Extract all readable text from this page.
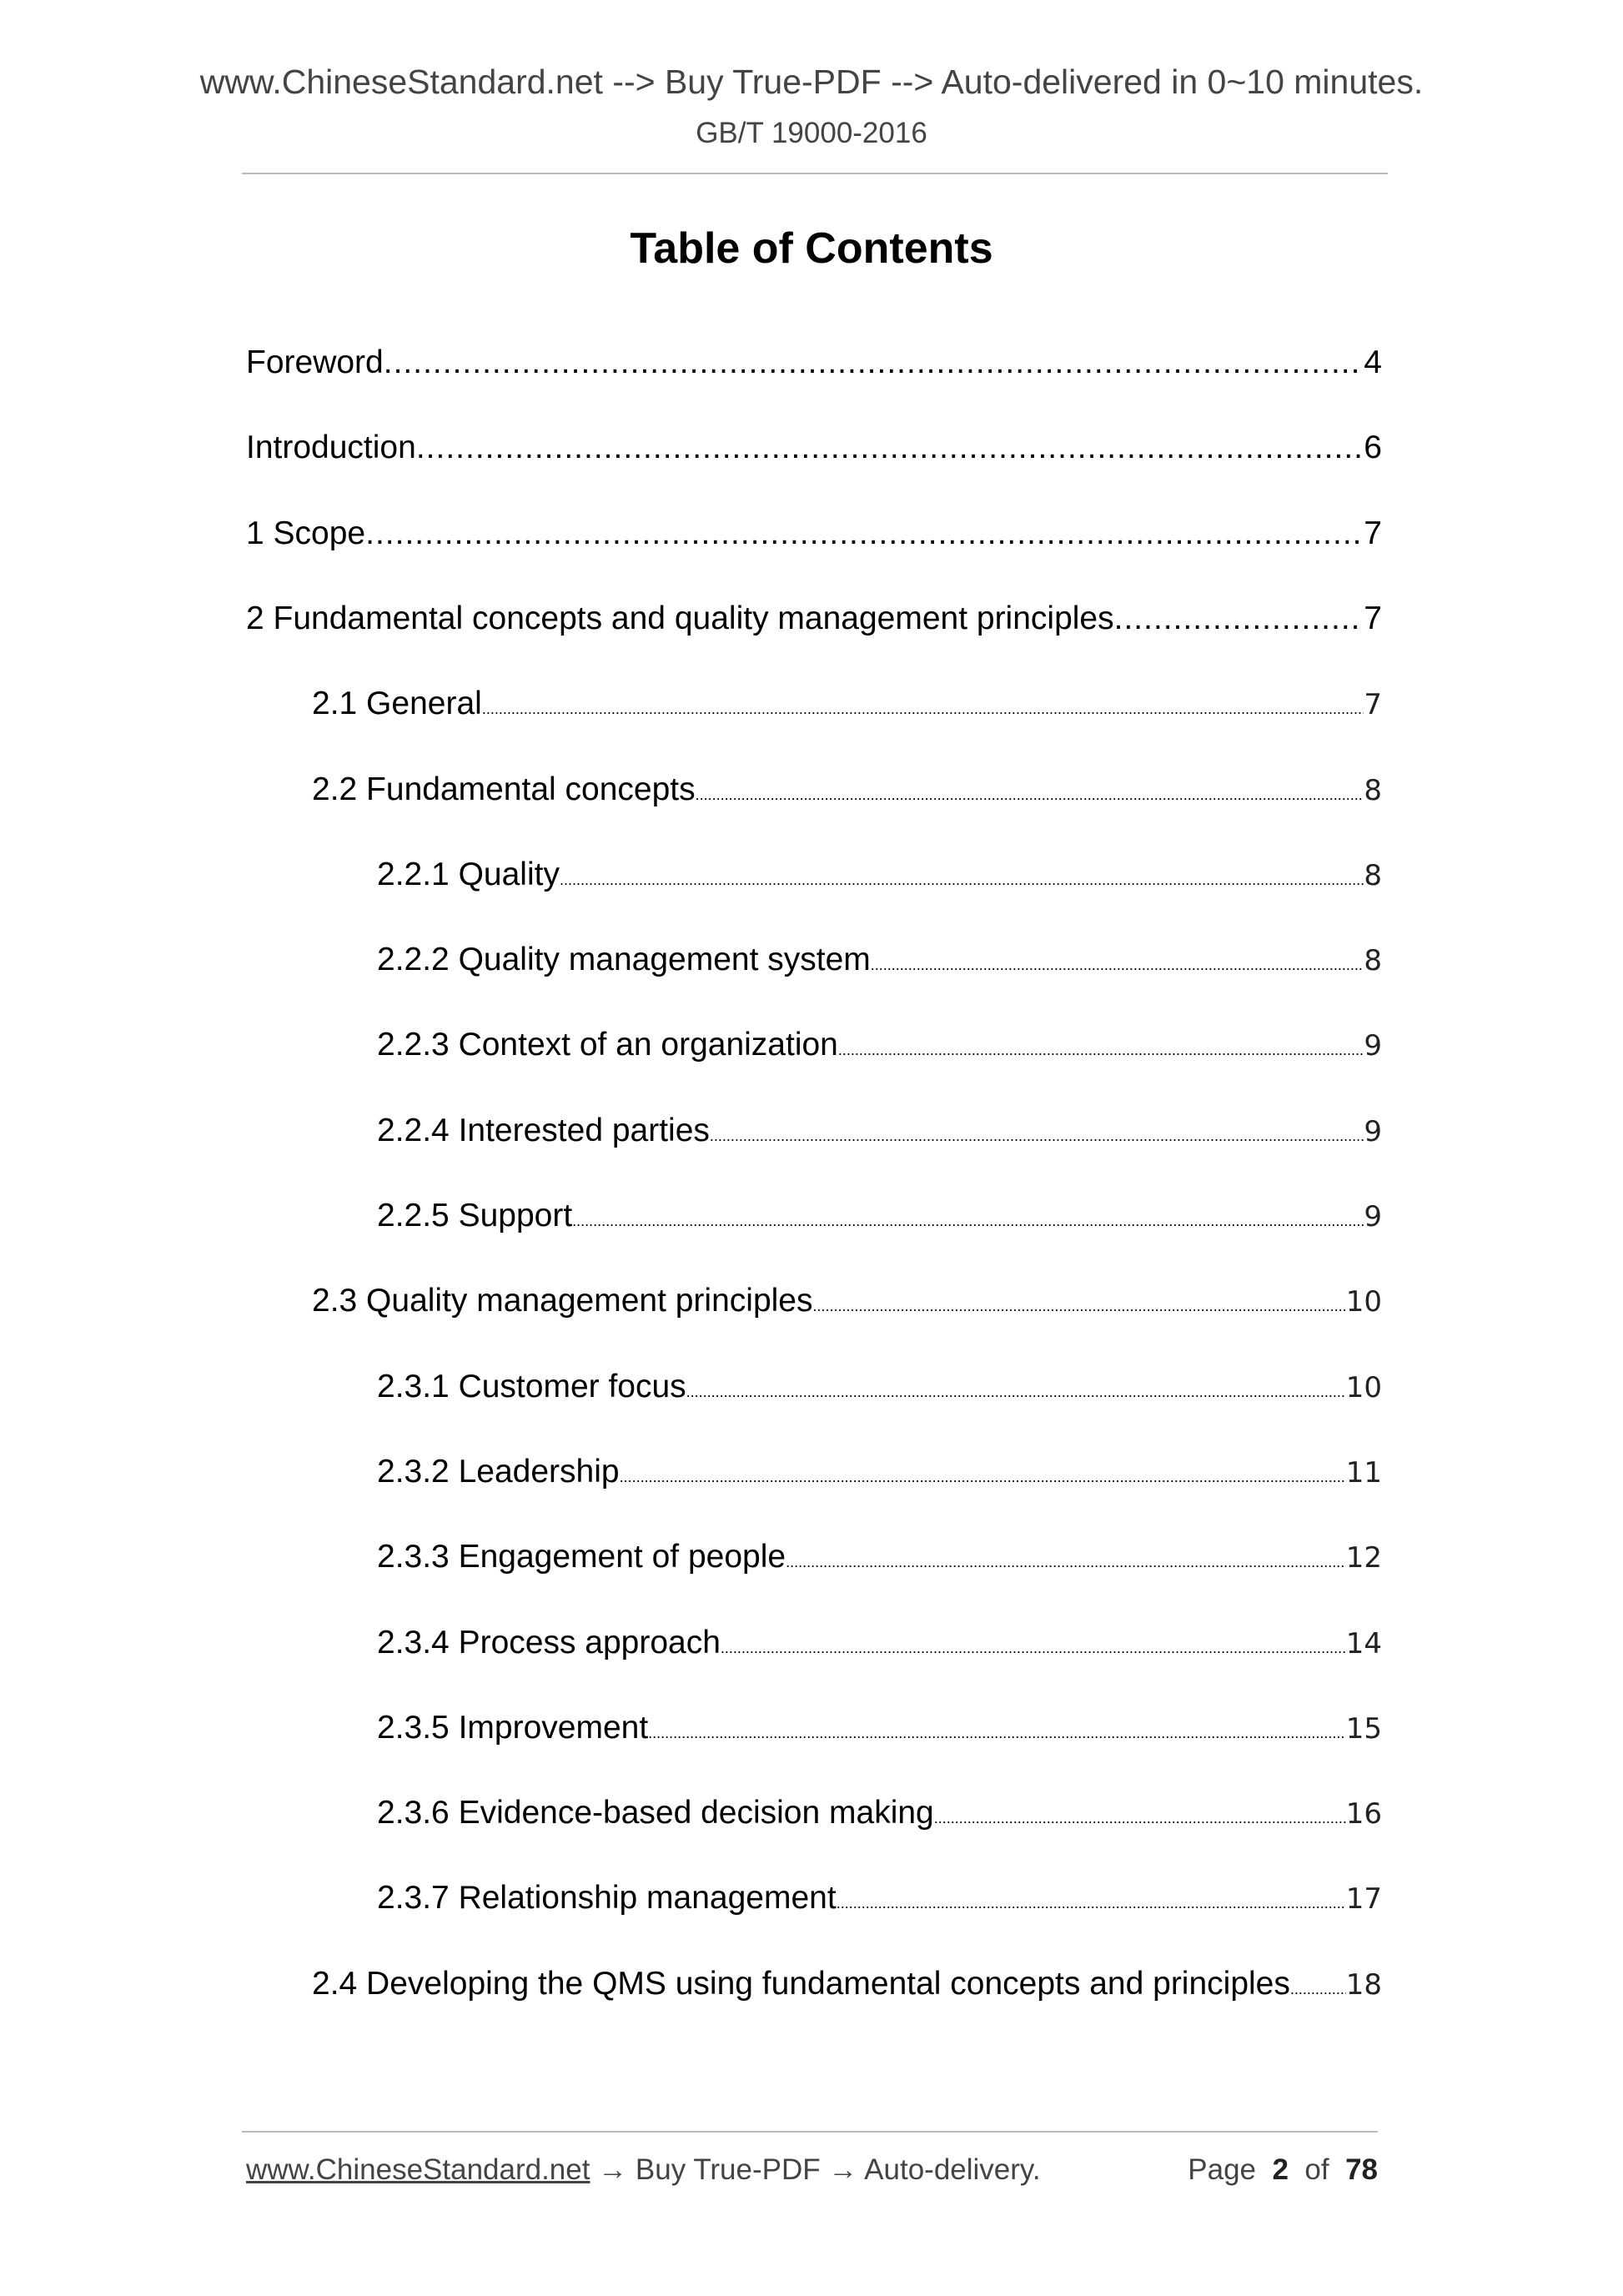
www.ChineseStandard.net --> Buy True-PDF --> Auto-delivered in 0~10 minutes.
GB/T 19000-2016
Table of Contents
Foreword .....	4
Introduction .....	6
1 Scope .....	7
2 Fundamental concepts and quality management principles .....	7
2.1 General .....	7
2.2 Fundamental concepts .....	8
2.2.1 Quality .....	8
2.2.2 Quality management system .....	8
2.2.3 Context of an organization .....	9
2.2.4 Interested parties .....	9
2.2.5 Support .....	9
2.3 Quality management principles .....	10
2.3.1 Customer focus .....	10
2.3.2 Leadership .....	11
2.3.3 Engagement of people .....	12
2.3.4 Process approach .....	14
2.3.5 Improvement .....	15
2.3.6 Evidence-based decision making .....	16
2.3.7 Relationship management .....	17
2.4 Developing the QMS using fundamental concepts and principles ..... 18
www.ChineseStandard.net → Buy True-PDF → Auto-delivery.	Page 2 of 78
